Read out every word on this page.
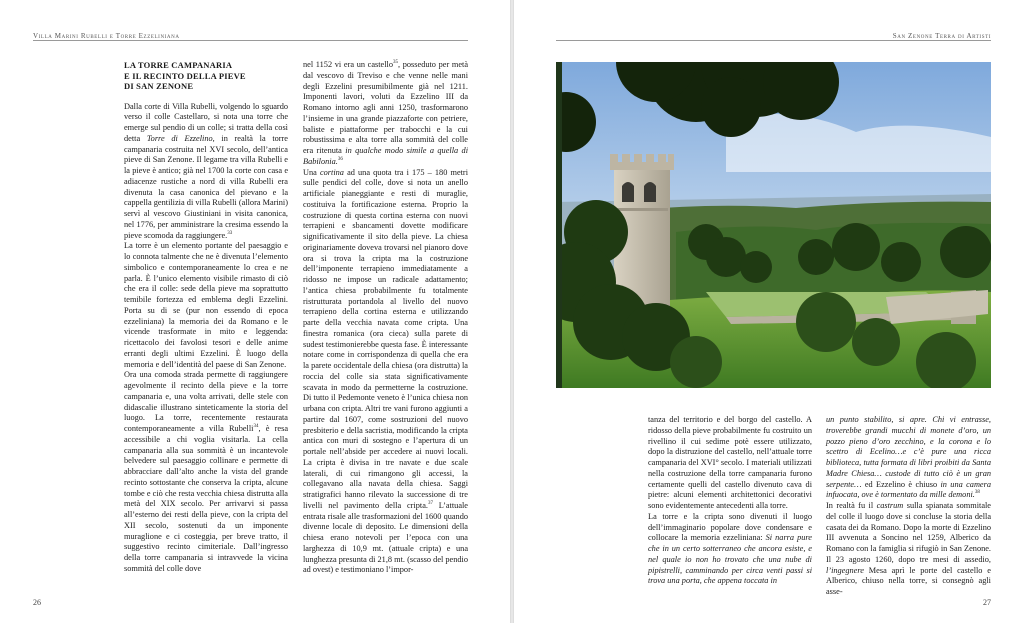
Villa Marini Rubelli e Torre Ezzeliniana	San Zenone Terra di Artisti
LA TORRE CAMPANARIA
E IL RECINTO DELLA PIEVE
DI SAN ZENONE

Dalla corte di Villa Rubelli, volgendo lo sguardo verso il colle Castellaro, si nota una torre che emerge sul pendio di un colle; si tratta della così detta Torre di Ezzelino, in realtà la torre campanaria costruita nel XVI secolo, dell’antica pieve di San Zenone. Il legame tra villa Rubelli e la pieve è antico; già nel 1700 la corte con casa e adiacenze rustiche a nord di villa Rubelli era divenuta la casa canonica del pievano e la cappella gentilizia di villa Rubelli (allora Marini) servì al vescovo Giustiniani in visita canonica, nel 1776, per amministrare la cresima essendo la pieve scomoda da raggiungere.$^{33}$

La torre è un elemento portante del paesaggio e lo connota talmente che ne è divenuta l’elemento simbolico e contemporaneamente lo crea e ne parla. È l’unico elemento visibile rimasto di ciò che era il colle: sede della pieve ma soprattutto temibile fortezza ed emblema degli Ezzelini. Porta su di se (pur non essendo di epoca ezzeliniana) la memoria dei da Romano e le vicende trasformate in mito e leggenda: ricettacolo dei favolosi tesori e delle anime erranti degli ultimi Ezzelini. È luogo della memoria e dell’identità del paese di San Zenone.

Ora una comoda strada permette di raggiungere agevolmente il recinto della pieve e la torre campanaria e, una volta arrivati, delle stele con didascalie illustrano sinteticamente la storia del luogo. La torre, recentemente restaurata contemporaneamente a villa Rubelli$^{34}$, è resa accessibile a chi voglia visitarla. La cella campanaria alla sua sommità è un incantevole belvedere sul paesaggio collinare e permette di abbracciare dall’alto anche la vista del grande recinto sottostante che conserva la cripta, alcune tombe e ciò che resta vecchia chiesa distrutta alla metà del XIX secolo. Per arrivarvi si passa all’esterno dei resti della pieve, con la cripta del XII secolo, sostenuti da un imponente muraglione e ci costeggia, per breve tratto, il suggestivo recinto cimiteriale. Dall’ingresso della torre campanaria si intravvede la vicina sommità del colle dove

nel 1152 vi era un castello$^{35}$, posseduto per metà dal vescovo di Treviso e che venne nelle mani degli Ezzelini presumibilmente già nel 1211. Imponenti lavori, voluti da Ezzelino III da Romano intorno agli anni 1250, trasformarono l’insieme in una grande piazzaforte con petriere, baliste e piattaforme per trabocchi e la cui robustissima e alta torre alla sommità del colle era ritenuta in qualche modo simile a quella di Babilonia.$^{36}$

Una cortina ad una quota tra i 175 – 180 metri sulle pendici del colle, dove si nota un anello artificiale pianeggiante e resti di muraglie, costituiva la fortificazione esterna. Proprio la costruzione di questa cortina esterna con nuovi terrapieni e sbancamenti dovette modificare significativamente il sito della pieve. La chiesa originariamente doveva trovarsi nel pianoro dove ora si trova la cripta ma la costruzione dell’imponente terrapieno immediatamente a ridosso ne impose un radicale adattamento; l’antica chiesa probabilmente fu totalmente ristrutturata portandola al livello del nuovo terrapieno della cortina esterna e utilizzando parte della vecchia navata come cripta. Una finestra romanica (ora cieca) sulla parete di sudest testimonierebbe questa fase. È interessante notare come in corrispondenza di quella che era la parete occidentale della chiesa (ora distrutta) la roccia del colle sia stata significativamente scavata in modo da permetterne la costruzione. Di tutto il Pedemonte veneto è l’unica chiesa non urbana con cripta. Altri tre vani furono aggiunti a partire dal 1607, come sostruzioni del nuovo presbiterio e della sacristia, modificando la cripta antica con muri di sostegno e l’apertura di un portale nell’abside per accedere ai nuovi locali. La cripta è divisa in tre navate e due scale laterali, di cui rimangono gli accessi, la collegavano alla navata della chiesa. Saggi stratigrafici hanno rilevato la successione di tre livelli nel pavimento della cripta.$^{37}$ L’attuale entrata risale alle trasformazioni del 1600 quando divenne locale di deposito. Le dimensioni della chiesa erano notevoli per l’epoca con una larghezza di 10,9 mt. (attuale cripta) e una lunghezza presunta di 21,8 mt. (scasso del pendio ad ovest) e testimoniano l’impor-

tanza del territorio e del borgo del castello. A ridosso della pieve probabilmente fu costruito un rivellino il cui sedime potè essere utilizzato, dopo la distruzione del castello, nell’attuale torre campanaria del XVI° secolo. I materiali utilizzati nella costruzione della torre campanaria furono certamente quelli del castello divenuto cava di pietre: alcuni elementi architettonici decorativi sono evidentemente antecedenti alla torre.

La torre e la cripta sono divenuti il luogo dell’immaginario popolare dove condensare e collocare la memoria ezzeliniana: Si narra pure che in un certo sotterraneo che ancora esiste, e nel quale io non ho trovato che una nube di pipistrelli, camminando per circa venti passi si trova una porta, che appena toccata in

un punto stabilito, si apre. Chi vi entrasse, troverebbe grandi mucchi di monete d’oro, un pozzo pieno d’oro zecchino, e la corona e lo scettro di Ecelino…e c’è pure una ricca biblioteca, tutta formata di libri proibiti da Santa Madre Chiesa… custode di tutto ciò è un gran serpente… ed Ezzelino è chiuso in una camera infuocata, ove è tormentato da mille demoni.$^{38}$

In realtà fu il castrum sulla spianata sommitale del colle il luogo dove si concluse la storia della casata dei da Romano. Dopo la morte di Ezzelino III avvenuta a Soncino nel 1259, Alberico da Romano con la famiglia si rifugiò in San Zenone. Il 23 agosto 1260, dopo tre mesi di assedio, l’ingegnere Mesa aprì le porte del castello e Alberico, chiuso nella torre, si consegnò agli asse-

26	27
